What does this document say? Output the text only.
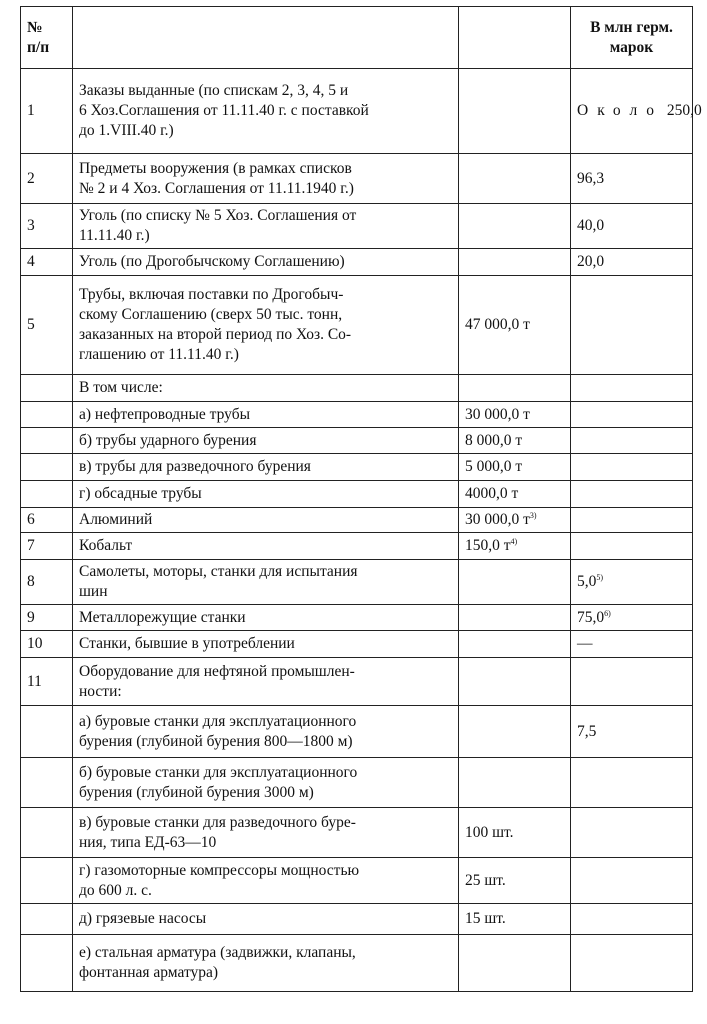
№
п/п			В млн герм.
марок
1	Заказы выданные (по спискам 2, 3, 4, 5 и
6 Хоз.Соглашения от 11.11.40 г. с поставкой
до 1.VIII.40 г.)		Около 250,0

2	Предметы вооружения (в рамках списков
№ 2 и 4 Хоз. Соглашения от 11.11.1940 г.)		96,3
3	Уголь (по списку № 5 Хоз. Соглашения от
11.11.40 г.)		40,0
4	Уголь (по Дрогобычскому Соглашению)		20,0
5	Трубы, включая поставки по Дрогобыч-
скому Соглашению (сверх 50 тыс. тонн,
заказанных на второй период по Хоз. Со-
глашению от 11.11.40 г.)	47 000,0 т	
	В том числе:		
	а) нефтепроводные трубы	30 000,0 т	
	б) трубы ударного бурения	8 000,0 т	
	в) трубы для разведочного бурения	5 000,0 т	
	г) обсадные трубы	4000,0 т	
6	Алюминий	30 000,0 т$^{3)}$	
7	Кобальт	150,0 т$^{4)}$	
8	Самолеты, моторы, станки для испытания
шин		5,0$^{5)}$
9	Металлорежущие станки		75,0$^{6)}$
10	Станки, бывшие в употреблении		—
11	Оборудование для нефтяной промышлен-
ности:		
	а) буровые станки для эксплуатационного
бурения (глубиной бурения 800—1800 м)		7,5
	б) буровые станки для эксплуатационного
бурения (глубиной бурения 3000 м)		
	в) буровые станки для разведочного буре-
ния, типа ЕД-63—10	100 шт.	
	г) газомоторные компрессоры мощностью
до 600 л. с.	25 шт.	
	д) грязевые насосы	15 шт.	
	е) стальная арматура (задвижки, клапаны,
фонтанная арматура)		
